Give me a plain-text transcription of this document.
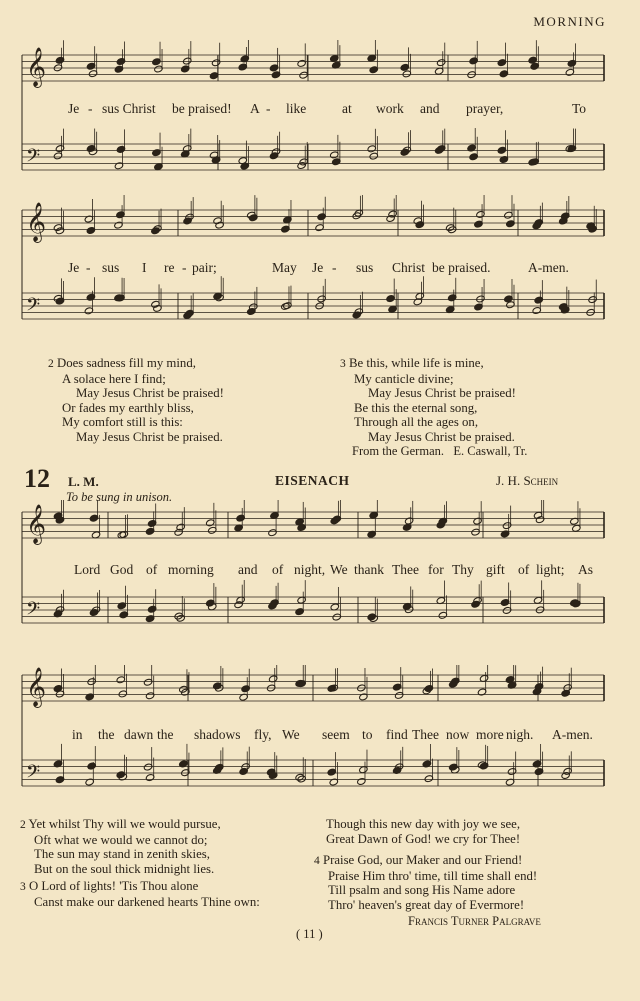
MORNING
𝄞
𝄢
Je - sus Christ be praised! A - like	at work and prayer,	To
𝄞
𝄢
Je - sus I re - pair;	May Je - sus Christ be praised.	A-men.
2 Does sadness fill my mind,
A solace here I find;
May Jesus Christ be praised!
Or fades my earthly bliss,
My comfort still is this:
May Jesus Christ be praised.
3 Be this, while life is mine,
My canticle divine;
May Jesus Christ be praised!
Be this the eternal song,
Through all the ages on,
May Jesus Christ be praised.
From the German.   E. Caswall, Tr.
12 L. M.	EISENACH	J. H. Schein
To be sung in unison.
𝄞
𝄢
Lord God of morning and of night, We thank Thee for Thy gift of light; As
𝄞
𝄢
in the dawn the shadows fly, We seem to find Thee now more nigh. A-men.
2 Yet whilst Thy will we would pursue,
Oft what we would we cannot do;
The sun may stand in zenith skies,
But on the soul thick midnight lies.
3 O Lord of lights! 'Tis Thou alone
Canst make our darkened hearts Thine own:
Though this new day with joy we see,
Great Dawn of God! we cry for Thee!
4 Praise God, our Maker and our Friend!
Praise Him thro' time, till time shall end!
Till psalm and song His Name adore
Thro' heaven's great day of Evermore!
Francis Turner Palgrave
( 11 )
